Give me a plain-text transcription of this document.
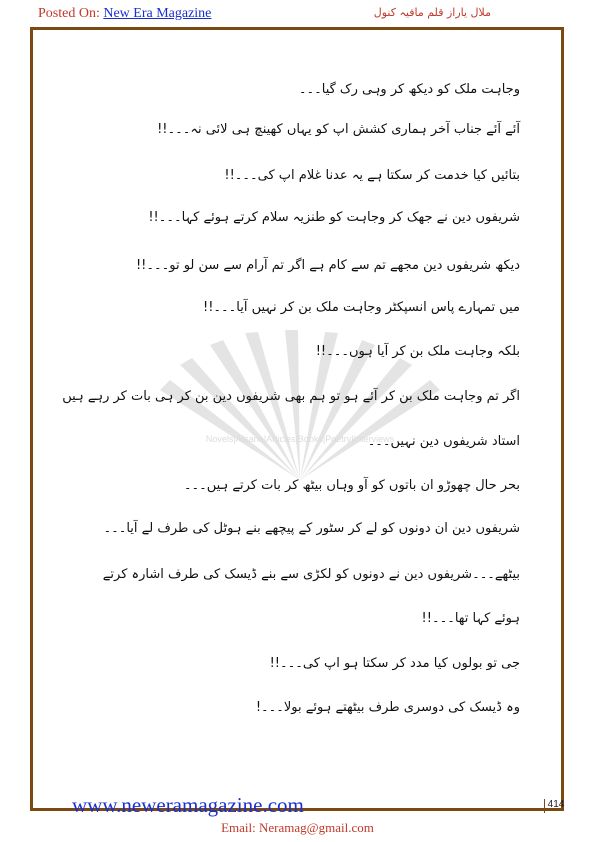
Posted On: New Era Magazine	ملال یاراز قلم مافیہ کنول
Novels|Afsana|Articles|Books|Poetry|Interviews
وجاہت ملک کو دیکھ کر وہی رک گیا۔۔۔
آئے آئے جناب آخر ہماری کشش اپ کو یہاں کھینچ ہی لائی نہ۔۔۔!!
بتائیں کیا خدمت کر سکتا ہے یہ عدنا غلام اپ کی۔۔۔!!
شریفوں دین نے جھک کر وجاہت کو طنزیہ سلام کرتے ہوئے کہا۔۔۔!!
دیکھ شریفوں دین مجھے تم سے کام ہے اگر تم آرام سے سن لو تو۔۔۔!!
میں تمہارے پاس انسپکٹر وجاہت ملک بن کر نہیں آیا۔۔۔!!
بلکہ وجاہت ملک بن کر آیا ہوں۔۔۔!!
اگر تم وجاہت ملک بن کر آئے ہو تو ہم بھی شریفوں دین بن کر ہی بات کر رہے ہیں
استاد شریفوں دین نہیں۔۔۔
بحر حال چھوڑو ان باتوں کو آو وہاں بیٹھ کر بات کرتے ہیں۔۔۔
شریفوں دین ان دونوں کو لے کر سٹور کے پیچھے بنے ہوٹل کی طرف لے آیا۔۔۔
بیٹھے۔۔۔شریفوں دین نے دونوں کو لکڑی سے بنے ڈیسک کی طرف اشارہ کرتے
ہوئے کہا تھا۔۔۔!!
جی تو بولوں کیا مدد کر سکتا ہو اپ کی۔۔۔!!
وہ ڈیسک کی دوسری طرف بیٹھتے ہوئے بولا۔۔۔!
www.neweramagazine.com	414
Email: Neramag@gmail.com
